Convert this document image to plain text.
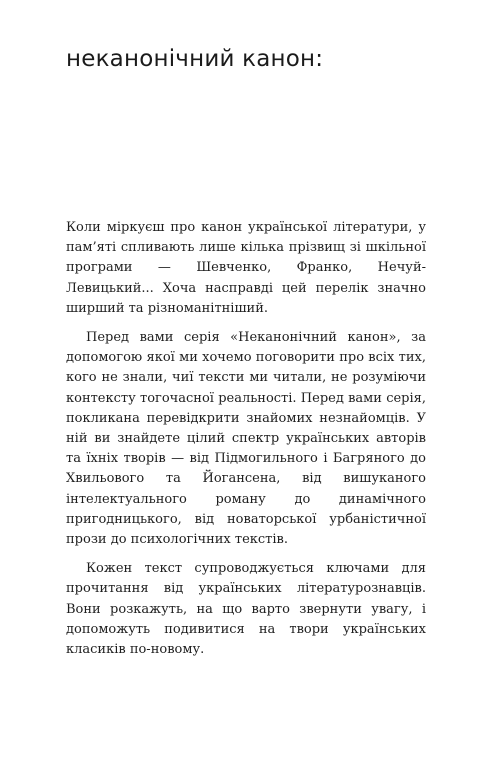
неканонічний канон:

Коли міркуєш про канон української літератури, у пам’яті спливають лише кілька прізвищ зі шкільної програми — Шевченко, Франко, Нечуй-Левицький... Хоча насправді цей перелік значно ширший та різноманітніший.

Перед вами серія «Неканонічний канон», за допомогою якої ми хочемо поговорити про всіх тих, кого не знали, чиї тексти ми читали, не розуміючи контексту тогочасної реальності. Перед вами серія, покликана перевідкрити знайомих незнайомців. У ній ви знайдете цілий спектр українських авторів та їхніх творів — від Підмогильного і Багряного до Хвильового та Йогансена, від вишуканого інтелектуального роману до динамічного пригодницького, від новаторської урбаністичної прози до психологічних текстів.

Кожен текст супроводжується ключами для прочитання від українських літературознавців. Вони розкажуть, на що варто звернути увагу, і допоможуть подивитися на твори українських класиків по-новому.
